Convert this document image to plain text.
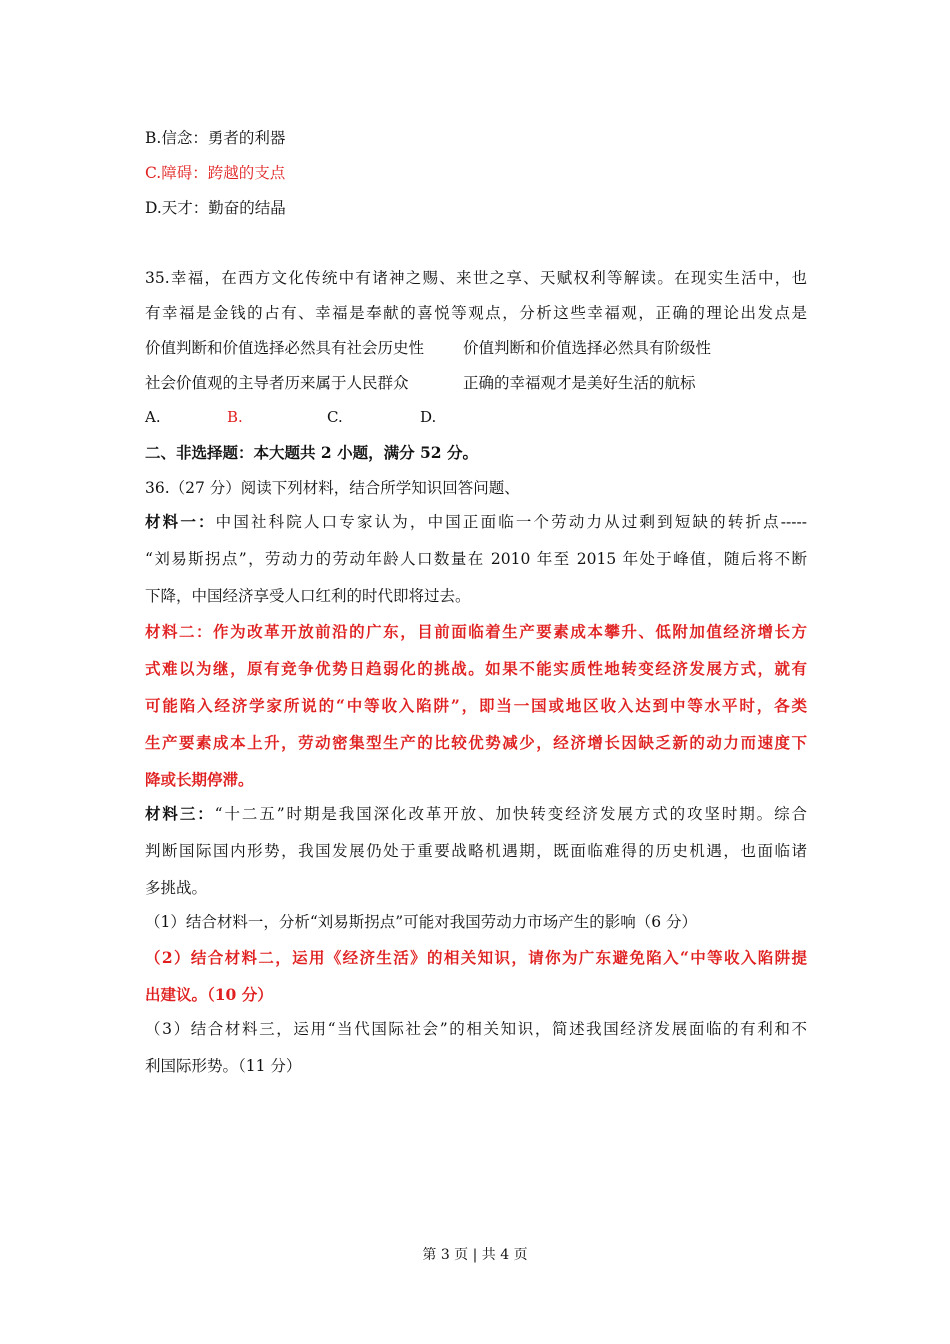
B.信念：勇者的利器
C.障碍：跨越的支点
D.天才：勤奋的结晶
35.幸福，在西方文化传统中有诸神之赐、来世之享、天赋权利等解读。在现实生活中，也
有幸福是金钱的占有、幸福是奉献的喜悦等观点，分析这些幸福观，正确的理论出发点是
价值判断和价值选择必然具有社会历史性	价值判断和价值选择必然具有阶级性
社会价值观的主导者历来属于人民群众	正确的幸福观才是美好生活的航标
A.	B.	C.	D.
二、非选择题：本大题共 2 小题，满分 52 分。
36.（27 分）阅读下列材料，结合所学知识回答问题、
材料一：中国社科院人口专家认为，中国正面临一个劳动力从过剩到短缺的转折点-----
“刘易斯拐点”，劳动力的劳动年龄人口数量在 2010 年至 2015 年处于峰值，随后将不断
下降，中国经济享受人口红利的时代即将过去。
材料二：作为改革开放前沿的广东，目前面临着生产要素成本攀升、低附加值经济增长方
式难以为继，原有竞争优势日趋弱化的挑战。如果不能实质性地转变经济发展方式，就有
可能陷入经济学家所说的“中等收入陷阱”，即当一国或地区收入达到中等水平时，各类
生产要素成本上升，劳动密集型生产的比较优势减少，经济增长因缺乏新的动力而速度下
降或长期停滞。
材料三：“十二五”时期是我国深化改革开放、加快转变经济发展方式的攻坚时期。综合
判断国际国内形势，我国发展仍处于重要战略机遇期，既面临难得的历史机遇，也面临诸
多挑战。
（1）结合材料一，分析“刘易斯拐点”可能对我国劳动力市场产生的影响（6 分）
（2）结合材料二，运用《经济生活》的相关知识，请你为广东避免陷入“中等收入陷阱提
出建议。（10 分）
（3）结合材料三，运用“当代国际社会”的相关知识，简述我国经济发展面临的有利和不
利国际形势。（11 分）
第 3 页 | 共 4 页
